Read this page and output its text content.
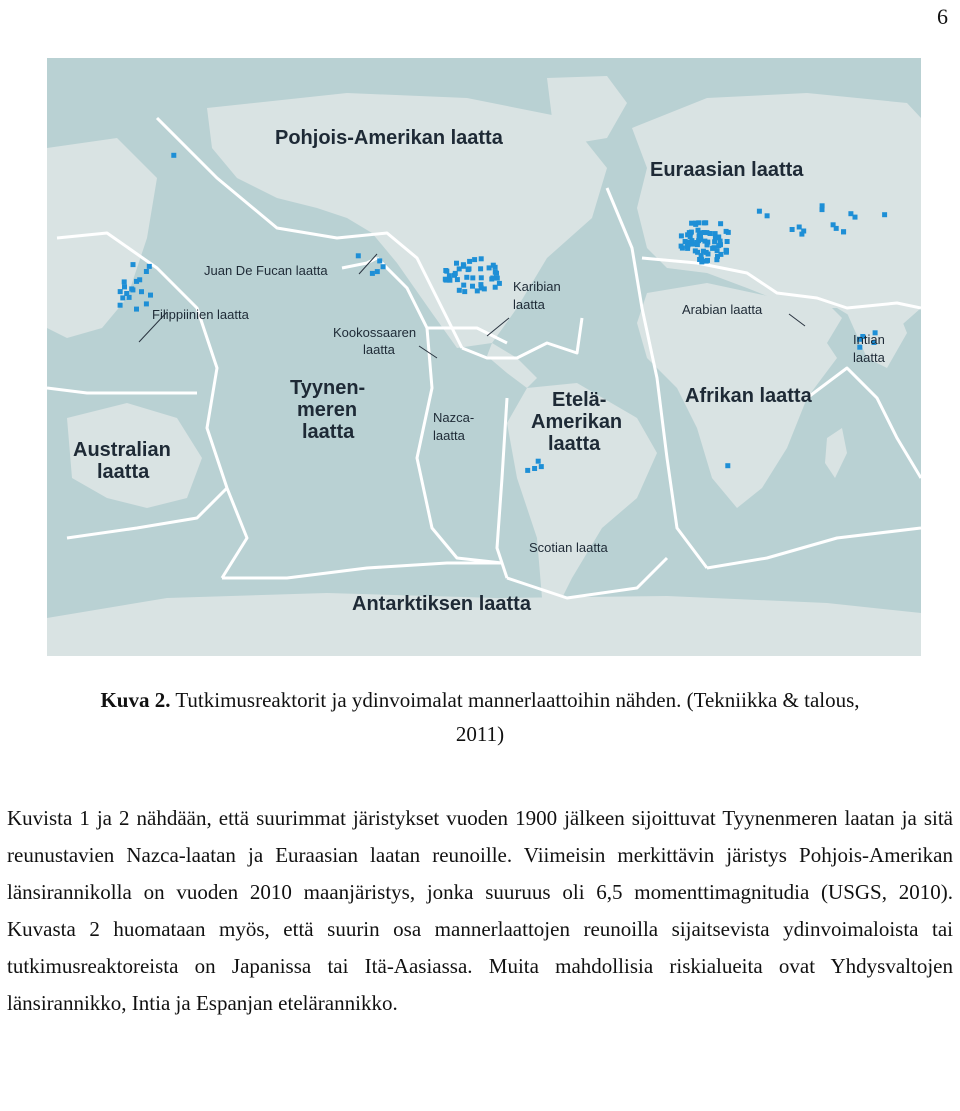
6
Pohjois-Amerikan laatta
Euraasian laatta
Juan De Fucan laatta
Karibian
laatta
Filippiinien laatta	Arabian laatta
Kookossaaren
laatta
Intian
laatta
Tyynen-
meren
laatta
Etelä-
Amerikan
laatta
Afrikan laatta
Nazca-
laatta
Australian
laatta
Scotian laatta
Antarktiksen laatta
Kuva 2. Tutkimusreaktorit ja ydinvoimalat mannerlaattoihin nähden. (Tekniikka & talous,
2011)
Kuvista 1 ja 2 nähdään, että suurimmat järistykset vuoden 1900 jälkeen sijoittuvat Tyynenmeren laatan ja sitä reunustavien Nazca-laatan ja Euraasian laatan reunoille. Viimeisin merkittävin järistys Pohjois-Amerikan länsirannikolla on vuoden 2010 maanjäristys, jonka suuruus oli 6,5 momenttimagnitudia (USGS, 2010). Kuvasta 2 huomataan myös, että suurin osa mannerlaattojen reunoilla sijaitsevista ydinvoimaloista tai tutkimusreaktoreista on Japanissa tai Itä-Aasiassa. Muita mahdollisia riskialueita ovat Yhdysvaltojen länsirannikko, Intia ja Espanjan etelärannikko.
